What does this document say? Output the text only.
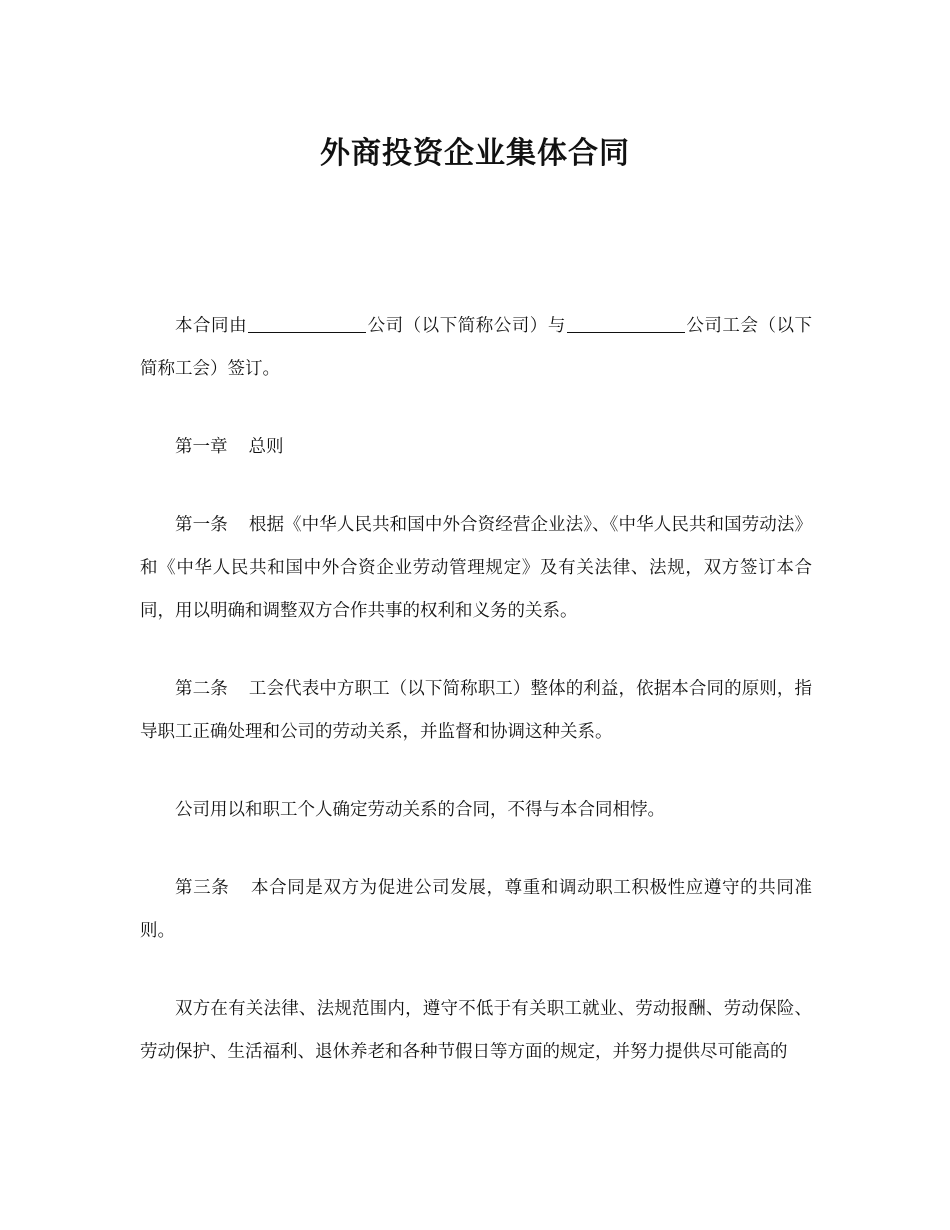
外商投资企业集体合同

本合同由	公司（以下简称公司）与	公司工会（以下简称工会）签订。

第一章 总则

第一条 根据《中华人民共和国中外合资经营企业法》、《中华人民共和国劳动法》和《中华人民共和国中外合资企业劳动管理规定》及有关法律、法规，双方签订本合同，用以明确和调整双方合作共事的权利和义务的关系。

第二条 工会代表中方职工（以下简称职工）整体的利益，依据本合同的原则，指导职工正确处理和公司的劳动关系，并监督和协调这种关系。

公司用以和职工个人确定劳动关系的合同，不得与本合同相悖。

第三条 本合同是双方为促进公司发展，尊重和调动职工积极性应遵守的共同准则。

双方在有关法律、法规范围内，遵守不低于有关职工就业、劳动报酬、劳动保险、劳动保护、生活福利、退休养老和各种节假日等方面的规定，并努力提供尽可能高的
